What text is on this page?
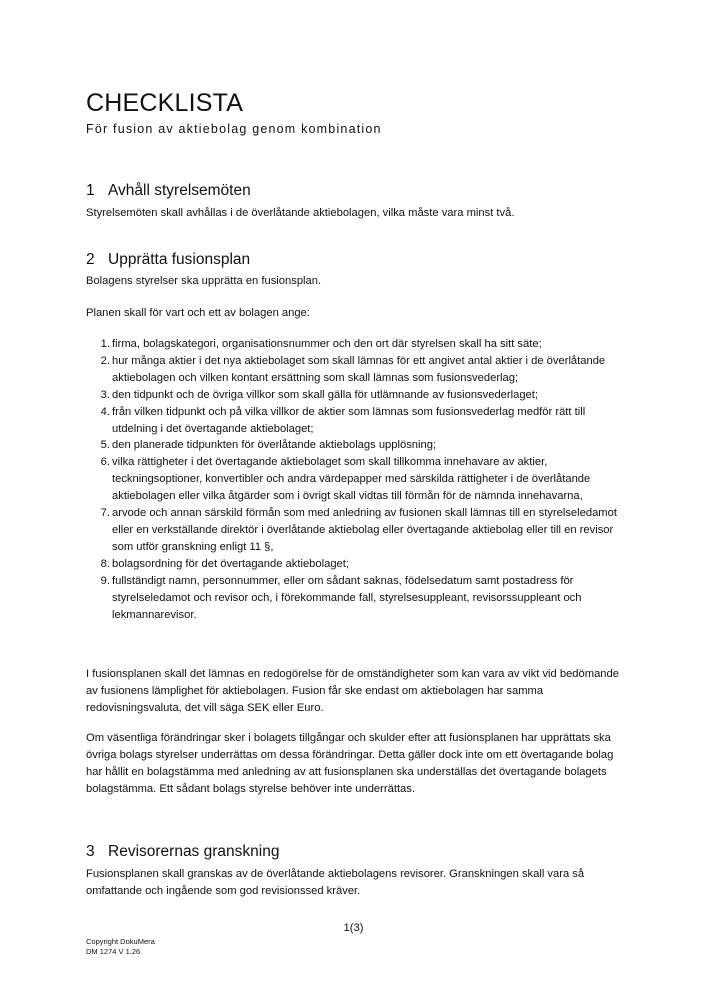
CHECKLISTA
För fusion av aktiebolag genom kombination
1 Avhåll styrelsemöten

Styrelsemöten skall avhållas i de överlåtande aktiebolagen, vilka måste vara minst två.

2 Upprätta fusionsplan

Bolagens styrelser ska upprätta en fusionsplan.

Planen skall för vart och ett av bolagen ange:

1. firma, bolagskategori, organisationsnummer och den ort där styrelsen skall ha sitt säte;
2. hur många aktier i det nya aktiebolaget som skall lämnas för ett angivet antal aktier i de överlåtande aktiebolagen och vilken kontant ersättning som skall lämnas som fusionsvederlag;
3. den tidpunkt och de övriga villkor som skall gälla för utlämnande av fusionsvederlaget;
4. från vilken tidpunkt och på vilka villkor de aktier som lämnas som fusionsvederlag medför rätt till utdelning i det övertagande aktiebolaget;
5. den planerade tidpunkten för överlåtande aktiebolags upplösning;
6. vilka rättigheter i det övertagande aktiebolaget som skall tillkomma innehavare av aktier, teckningsoptioner, konvertibler och andra värdepapper med särskilda rättigheter i de överlåtande aktiebolagen eller vilka åtgärder som i övrigt skall vidtas till förmån för de nämnda innehavarna,
7. arvode och annan särskild förmån som med anledning av fusionen skall lämnas till en styrelseledamot eller en verkställande direktör i överlåtande aktiebolag eller övertagande aktiebolag eller till en revisor som utför granskning enligt 11 §,
8. bolagsordning för det övertagande aktiebolaget;
9. fullständigt namn, personnummer, eller om sådant saknas, födelsedatum samt postadress för styrelseledamot och revisor och, i förekommande fall, styrelsesuppleant, revisorssuppleant och lekmannarevisor.

I fusionsplanen skall det lämnas en redogörelse för de omständigheter som kan vara av vikt vid bedömande av fusionens lämplighet för aktiebolagen. Fusion får ske endast om aktiebolagen har samma redovisningsvaluta, det vill säga SEK eller Euro.

Om väsentliga förändringar sker i bolagets tillgångar och skulder efter att fusionsplanen har upprättats ska övriga bolags styrelser underrättas om dessa förändringar. Detta gäller dock inte om ett övertagande bolag har hållit en bolagstämma med anledning av att fusionsplanen ska underställas det övertagande bolagets bolagstämma. Ett sådant bolags styrelse behöver inte underrättas.

3 Revisorernas granskning

Fusionsplanen skall granskas av de överlåtande aktiebolagens revisorer. Granskningen skall vara så omfattande och ingående som god revisionssed kräver.

1(3)

Copyright DokuMera
DM 1274 V 1.26
